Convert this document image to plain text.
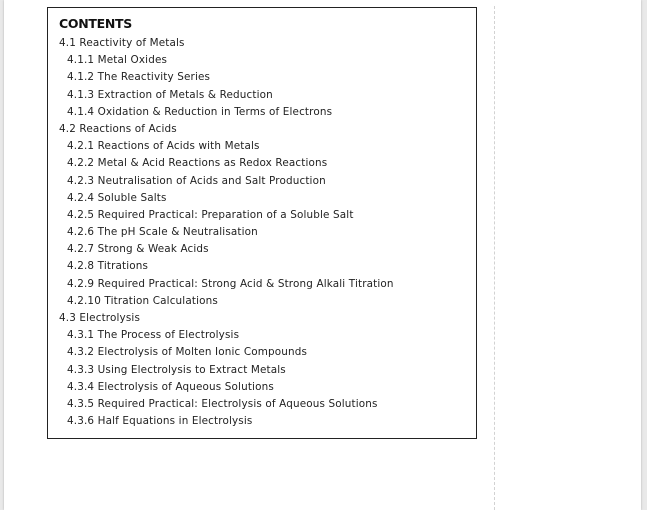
CONTENTS
4.1 Reactivity of Metals
4.1.1 Metal Oxides
4.1.2 The Reactivity Series
4.1.3 Extraction of Metals & Reduction
4.1.4 Oxidation & Reduction in Terms of Electrons
4.2 Reactions of Acids
4.2.1 Reactions of Acids with Metals
4.2.2 Metal & Acid Reactions as Redox Reactions
4.2.3 Neutralisation of Acids and Salt Production
4.2.4 Soluble Salts
4.2.5 Required Practical: Preparation of a Soluble Salt
4.2.6 The pH Scale & Neutralisation
4.2.7 Strong & Weak Acids
4.2.8 Titrations
4.2.9 Required Practical: Strong Acid & Strong Alkali Titration
4.2.10 Titration Calculations
4.3 Electrolysis
4.3.1 The Process of Electrolysis
4.3.2 Electrolysis of Molten Ionic Compounds
4.3.3 Using Electrolysis to Extract Metals
4.3.4 Electrolysis of Aqueous Solutions
4.3.5 Required Practical: Electrolysis of Aqueous Solutions
4.3.6 Half Equations in Electrolysis
